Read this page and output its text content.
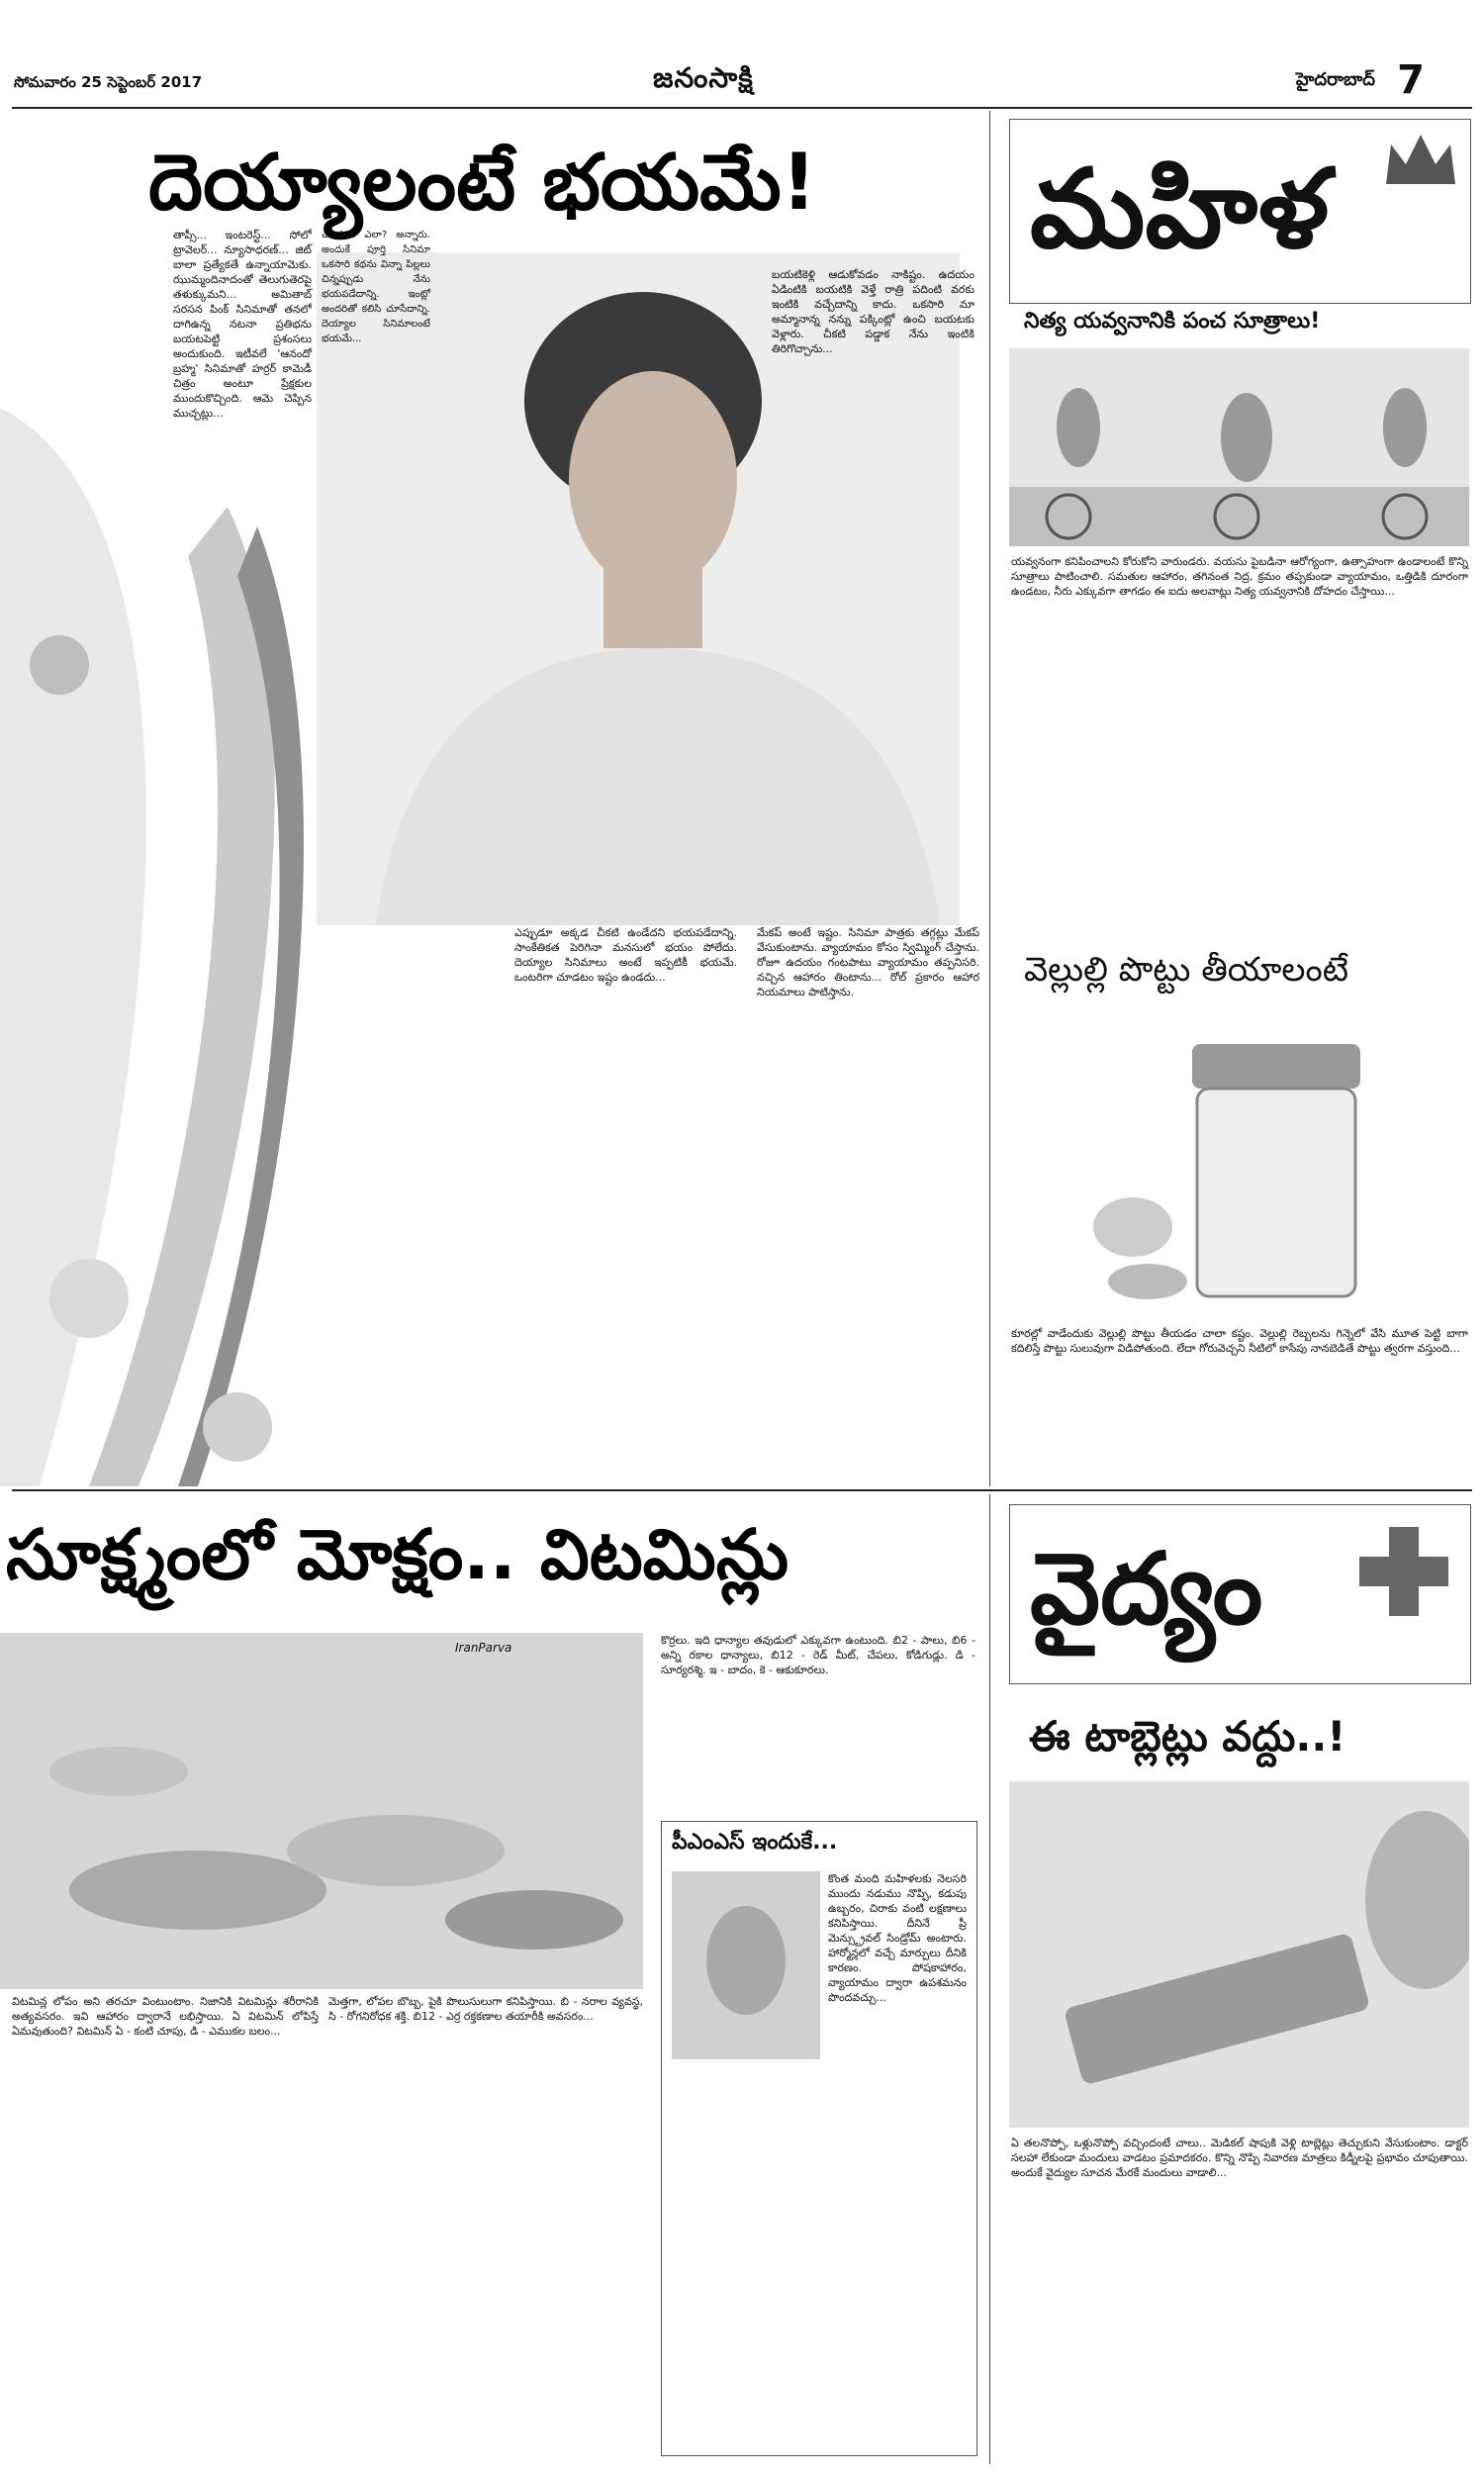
సోమవారం 25 సెప్టెంబర్ 2017	జనంసాక్షి	హైదరాబాద్ 7
దెయ్యాలంటే భయమే!
తాప్సీ... ఇంటరెస్ట్... సోలో ట్రావెలర్... న్యూసాధరణ్... జిట్ బాలా ప్రత్యేకతే ఉన్నాయామెకు. ఝుమ్మందినాదంతో తెలుగుతెరపై తళుక్కుమని... అమితాబ్ సరసన పింక్ సినిమాతో తనలో దాగిఉన్న నటనా ప్రతిభను బయటపెట్టి ప్రశంసలు అందుకుంది. ఇటీవలే 'ఆనందో బ్రహ్మ' సినిమాతో హర్రర్ కామెడీ చిత్రం అంటూ ప్రేక్షకుల ముందుకొచ్చింది. ఆమె చెప్పిన ముచ్చట్లు...
చూడండి ఎలా? అన్నారు. అందుకే పూర్తి సినిమా ఒకసారి కథను విన్నా పిల్లలు చిన్నప్పుడు నేను భయపడేదాన్ని. ఇంట్లో అందరితో కలిసి చూసేదాన్ని. దెయ్యాల సినిమాలంటే భయమే...
బయటికెళ్లి ఆడుకోవడం నాకిష్టం. ఉదయం ఏడింటికి బయటికి వెళ్తే రాత్రి పదింటి వరకు ఇంటికి వచ్చేదాన్ని కాదు. ఒకసారి మా అమ్మానాన్న నన్ను పక్కింట్లో ఉంచి బయటకు వెళ్లారు. చీకటి పడ్డాక నేను ఇంటికి తిరిగొచ్చాను...
ఎప్పుడూ అక్కడ చీకటి ఉండేదని భయపడేదాన్ని. సాంకేతికత పెరిగినా మనసులో భయం పోలేదు. దెయ్యాల సినిమాలు అంటే ఇప్పటికీ భయమే. ఒంటరిగా చూడటం ఇష్టం ఉండదు...
మేకప్ అంటే ఇష్టం. సినిమా పాత్రకు తగ్గట్లు మేకప్ వేసుకుంటాను. వ్యాయామం కోసం స్విమ్మింగ్ చేస్తాను. రోజూ ఉదయం గంటపాటు వ్యాయామం తప్పనిసరి. నచ్చిన ఆహారం తింటాను... రోల్ ప్రకారం ఆహార నియమాలు పాటిస్తాను.
మహిళ
నిత్య యవ్వనానికి పంచ సూత్రాలు!
యవ్వనంగా కనిపించాలని కోరుకోని వారుండరు. వయసు పైబడినా ఆరోగ్యంగా, ఉత్సాహంగా ఉండాలంటే కొన్ని సూత్రాలు పాటించాలి. సమతుల ఆహారం, తగినంత నిద్ర, క్రమం తప్పకుండా వ్యాయామం, ఒత్తిడికి దూరంగా ఉండటం, నీరు ఎక్కువగా తాగడం ఈ ఐదు అలవాట్లు నిత్య యవ్వనానికి దోహదం చేస్తాయి...
వెల్లుల్లి పొట్టు తీయాలంటే
కూరల్లో వాడేందుకు వెల్లుల్లి పొట్టు తీయడం చాలా కష్టం. వెల్లుల్లి రెబ్బలను గిన్నెలో వేసి మూత పెట్టి బాగా కదిలిస్తే పొట్టు సులువుగా విడిపోతుంది. లేదా గోరువెచ్చని నీటిలో కాసేపు నానబెడితే పొట్టు త్వరగా వస్తుంది...
సూక్ష్మంలో మోక్షం.. విటమిన్లు
IranParva
విటమిన్ల లోపం అని తరచూ వింటుంటాం. నిజానికి విటమిన్లు శరీరానికి అత్యవసరం. ఇవి ఆహారం ద్వారానే లభిస్తాయి. ఏ విటమిన్ లోపిస్తే ఏమవుతుంది? విటమిన్ ఏ - కంటి చూపు, డి - ఎముకల బలం...
మెత్తగా, లోపల బొబ్బ, పైకి పొలుసులుగా కనిపిస్తాయి. బి - నరాల వ్యవస్థ, సి - రోగనిరోధక శక్తి. బి12 - ఎర్ర రక్తకణాల తయారీకి అవసరం...
కొర్రలు. ఇది ధాన్యాల తవుడులో ఎక్కువగా ఉంటుంది. బి2 - పాలు, బి6 - అన్ని రకాల ధాన్యాలు, బి12 - రెడ్ మీట్, చేపలు, కోడిగుడ్లు. డి - సూర్యరశ్మి. ఇ - బాదం, కె - ఆకుకూరలు.
పీఎంఎస్ ఇందుకే...
కొంత మంది మహిళలకు నెలసరి ముందు నడుము నొప్పి, కడుపు ఉబ్బరం, చిరాకు వంటి లక్షణాలు కనిపిస్తాయి. దీనినే ప్రీ మెన్స్ట్రువల్ సిండ్రోమ్ అంటారు. హార్మోన్లలో వచ్చే మార్పులు దీనికి కారణం. పోషకాహారం, వ్యాయామం ద్వారా ఉపశమనం పొందవచ్చు...
వైద్యం
ఈ టాబ్లెట్లు వద్దు..!
ఏ తలనొప్పో, ఒళ్లునొప్పో వచ్చిందంటే చాలు.. మెడికల్ షాపుకి వెళ్లి టాబ్లెట్లు తెచ్చుకుని వేసుకుంటాం. డాక్టర్ సలహా లేకుండా మందులు వాడటం ప్రమాదకరం. కొన్ని నొప్పి నివారణ మాత్రలు కిడ్నీలపై ప్రభావం చూపుతాయి. అందుకే వైద్యుల సూచన మేరకే మందులు వాడాలి...
